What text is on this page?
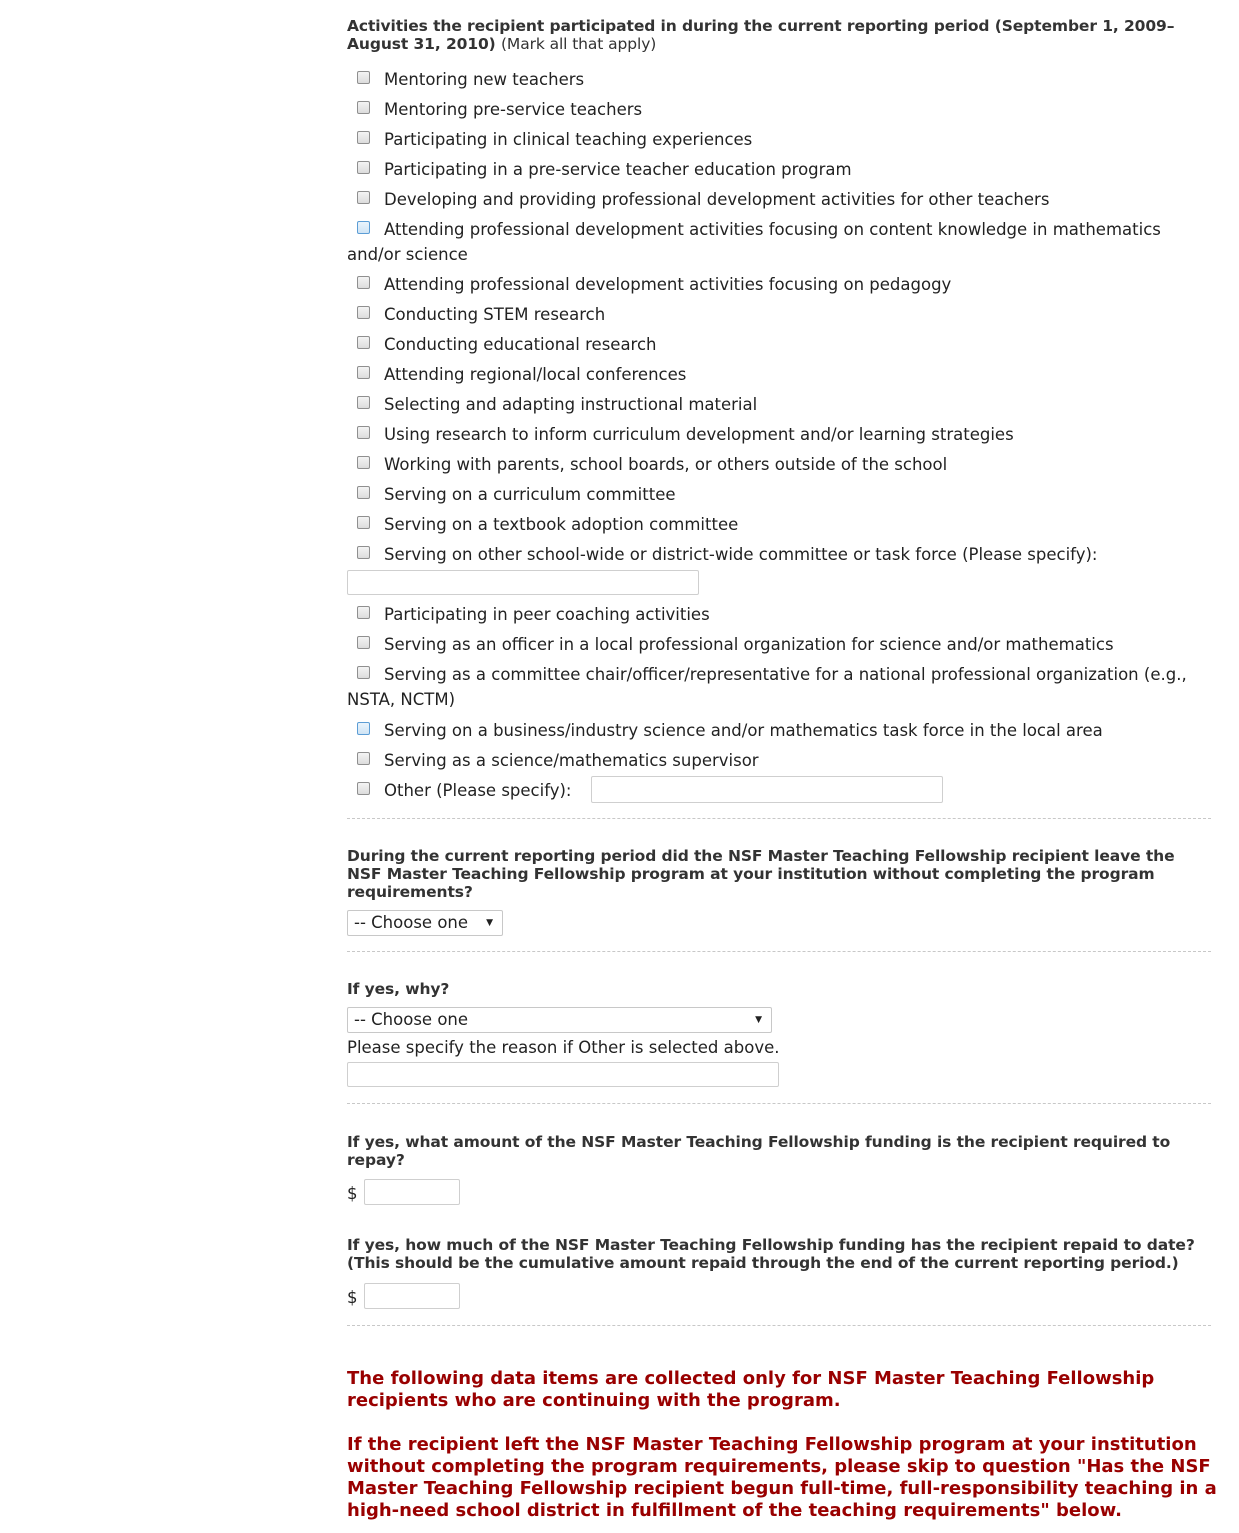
Activities the recipient participated in during the current reporting period (September 1, 2009–August 31, 2010) (Mark all that apply)
Mentoring new teachers
Mentoring pre-service teachers
Participating in clinical teaching experiences
Participating in a pre-service teacher education program
Developing and providing professional development activities for other teachers
Attending professional development activities focusing on content knowledge in mathematics and/or science
Attending professional development activities focusing on pedagogy
Conducting STEM research
Conducting educational research
Attending regional/local conferences
Selecting and adapting instructional material
Using research to inform curriculum development and/or learning strategies
Working with parents, school boards, or others outside of the school
Serving on a curriculum committee
Serving on a textbook adoption committee
Serving on other school-wide or district-wide committee or task force (Please specify):
Participating in peer coaching activities
Serving as an officer in a local professional organization for science and/or mathematics
Serving as a committee chair/officer/representative for a national professional organization (e.g., NSTA, NCTM)
Serving on a business/industry science and/or mathematics task force in the local area
Serving as a science/mathematics supervisor
Other (Please specify):
During the current reporting period did the NSF Master Teaching Fellowship recipient leave the NSF Master Teaching Fellowship program at your institution without completing the program requirements?
-- Choose one ▼
If yes, why?
-- Choose one	▼
Please specify the reason if Other is selected above.
If yes, what amount of the NSF Master Teaching Fellowship funding is the recipient required to repay?
$
If yes, how much of the NSF Master Teaching Fellowship funding has the recipient repaid to date? (This should be the cumulative amount repaid through the end of the current reporting period.)
$
The following data items are collected only for NSF Master Teaching Fellowship recipients who are continuing with the program.
If the recipient left the NSF Master Teaching Fellowship program at your institution without completing the program requirements, please skip to question "Has the NSF Master Teaching Fellowship recipient begun full-time, full-responsibility teaching in a high-need school district in fulfillment of the teaching requirements" below.
